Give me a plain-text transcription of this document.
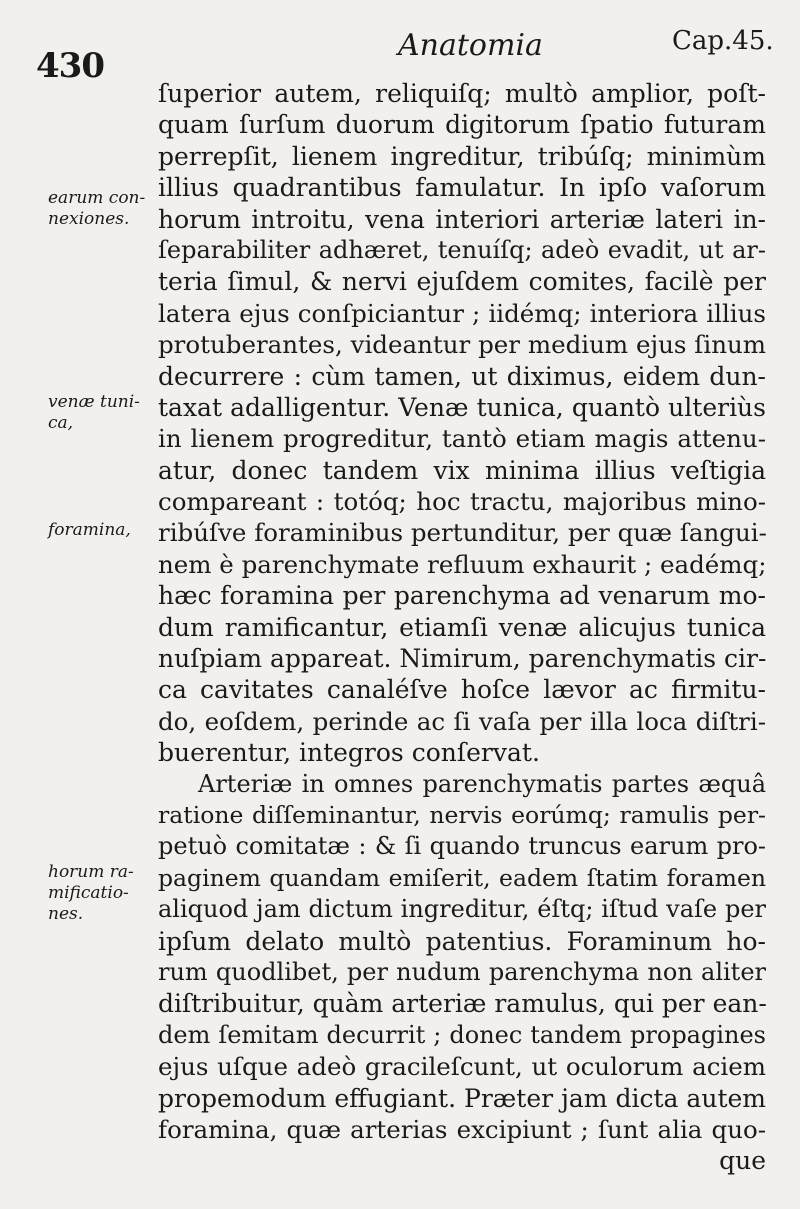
430
Anatomia	Cap.45.
earum con-
nexiones.
venæ tuni-
ca,
foramina,
horum ra-
mificatio-
nes.
ſuperior autem, reliquiſq; multò amplior, poſt-
quam ſurſum duorum digitorum ſpatio futuram
perrepſit, lienem ingreditur, tribúſq; minimùm
illius quadrantibus famulatur. In ipſo vaſorum
horum introitu, vena interiori arteriæ lateri in-
ſeparabiliter adhæret, tenuíſq; adeò evadit, ut ar-
teria ſimul, & nervi ejuſdem comites, facilè per
latera ejus conſpiciantur ; iidémq; interiora illius
protuberantes, videantur per medium ejus ſinum
decurrere : cùm tamen, ut diximus, eidem dun-
taxat adalligentur. Venæ tunica, quantò ulteriùs
in lienem progreditur, tantò etiam magis attenu-
atur, donec tandem vix minima illius veſtigia
compareant : totóq; hoc tractu, majoribus mino-
ribúſve foraminibus pertunditur, per quæ ſangui-
nem è parenchymate refluum exhaurit ; eadémq;
hæc foramina per parenchyma ad venarum mo-
dum ramificantur, etiamſi venæ alicujus tunica
nuſpiam appareat. Nimirum, parenchymatis cir-
ca cavitates canaléſve hoſce lævor ac firmitu-
do, eoſdem, perinde ac ſi vaſa per illa loca diſtri-
buerentur, integros conſervat.
Arteriæ in omnes parenchymatis partes æquâ
ratione diſſeminantur, nervis eorúmq; ramulis per-
petuò comitatæ : & ſi quando truncus earum pro-
paginem quandam emiſerit, eadem ſtatim foramen
aliquod jam dictum ingreditur, éſtq; iſtud vaſe per
ipſum delato multò patentius. Foraminum ho-
rum quodlibet, per nudum parenchyma non aliter
diſtribuitur, quàm arteriæ ramulus, qui per ean-
dem ſemitam decurrit ; donec tandem propagines
ejus uſque adeò gracileſcunt, ut oculorum aciem
propemodum effugiant. Præter jam dicta autem
foramina, quæ arterias excipiunt ; ſunt alia quo-
que
